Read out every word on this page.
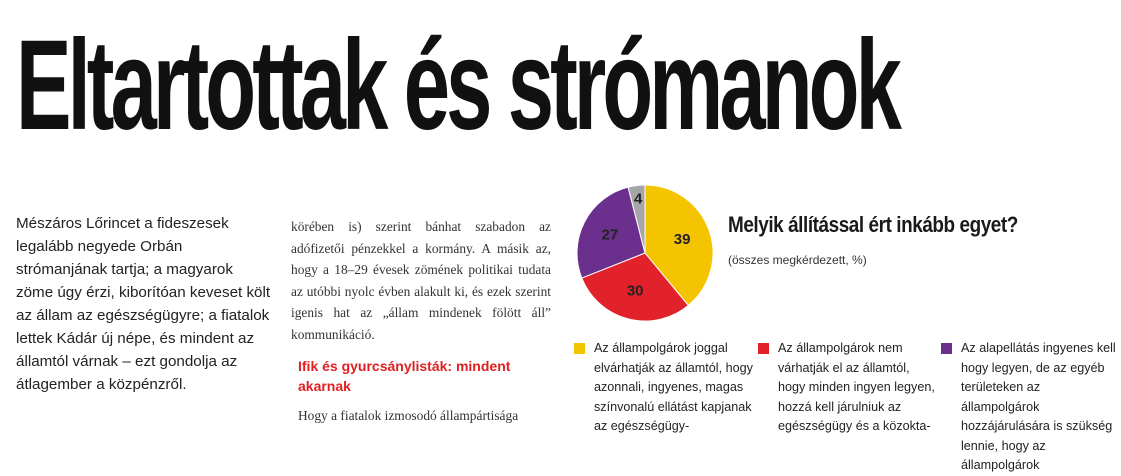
Eltartottak és strómanok
Mészáros Lőrincet a fideszesek legalább negyede Orbán strómanjának tartja; a magyarok zöme úgy érzi, kiborítóan keveset költ az állam az egészségügyre; a fiatalok lettek Kádár új népe, és mindent az államtól várnak – ezt gondolja az átlagember a közpénzről.
körében is) szerint bánhat szabadon az adófizetői pénzekkel a kormány. A másik az, hogy a 18–29 évesek zömének politikai tudata az utóbbi nyolc évben alakult ki, és ezek szerint igenis hat az „állam mindenek fölött áll” kommunikáció.
Ifik és gyurcsánylisták: mindent akarnak
Hogy a fiatalok izmosodó állampártisága
39
30
27
4
Melyik állítással ért inkább egyet?
(összes megkérdezett, %)
Az állampolgárok joggal elvárhatják az államtól, hogy azonnali, ingyenes, magas színvonalú ellátást kapjanak az egészségügy-
Az állampolgárok nem várhatják el az államtól, hogy minden ingyen legyen, hozzá kell járulniuk az egészségügy és a közokta-
Az alapellátás ingyenes kell hogy legyen, de az egyéb területeken az állampolgárok hozzájárulására is szükség lennie, hogy az állampolgárok
